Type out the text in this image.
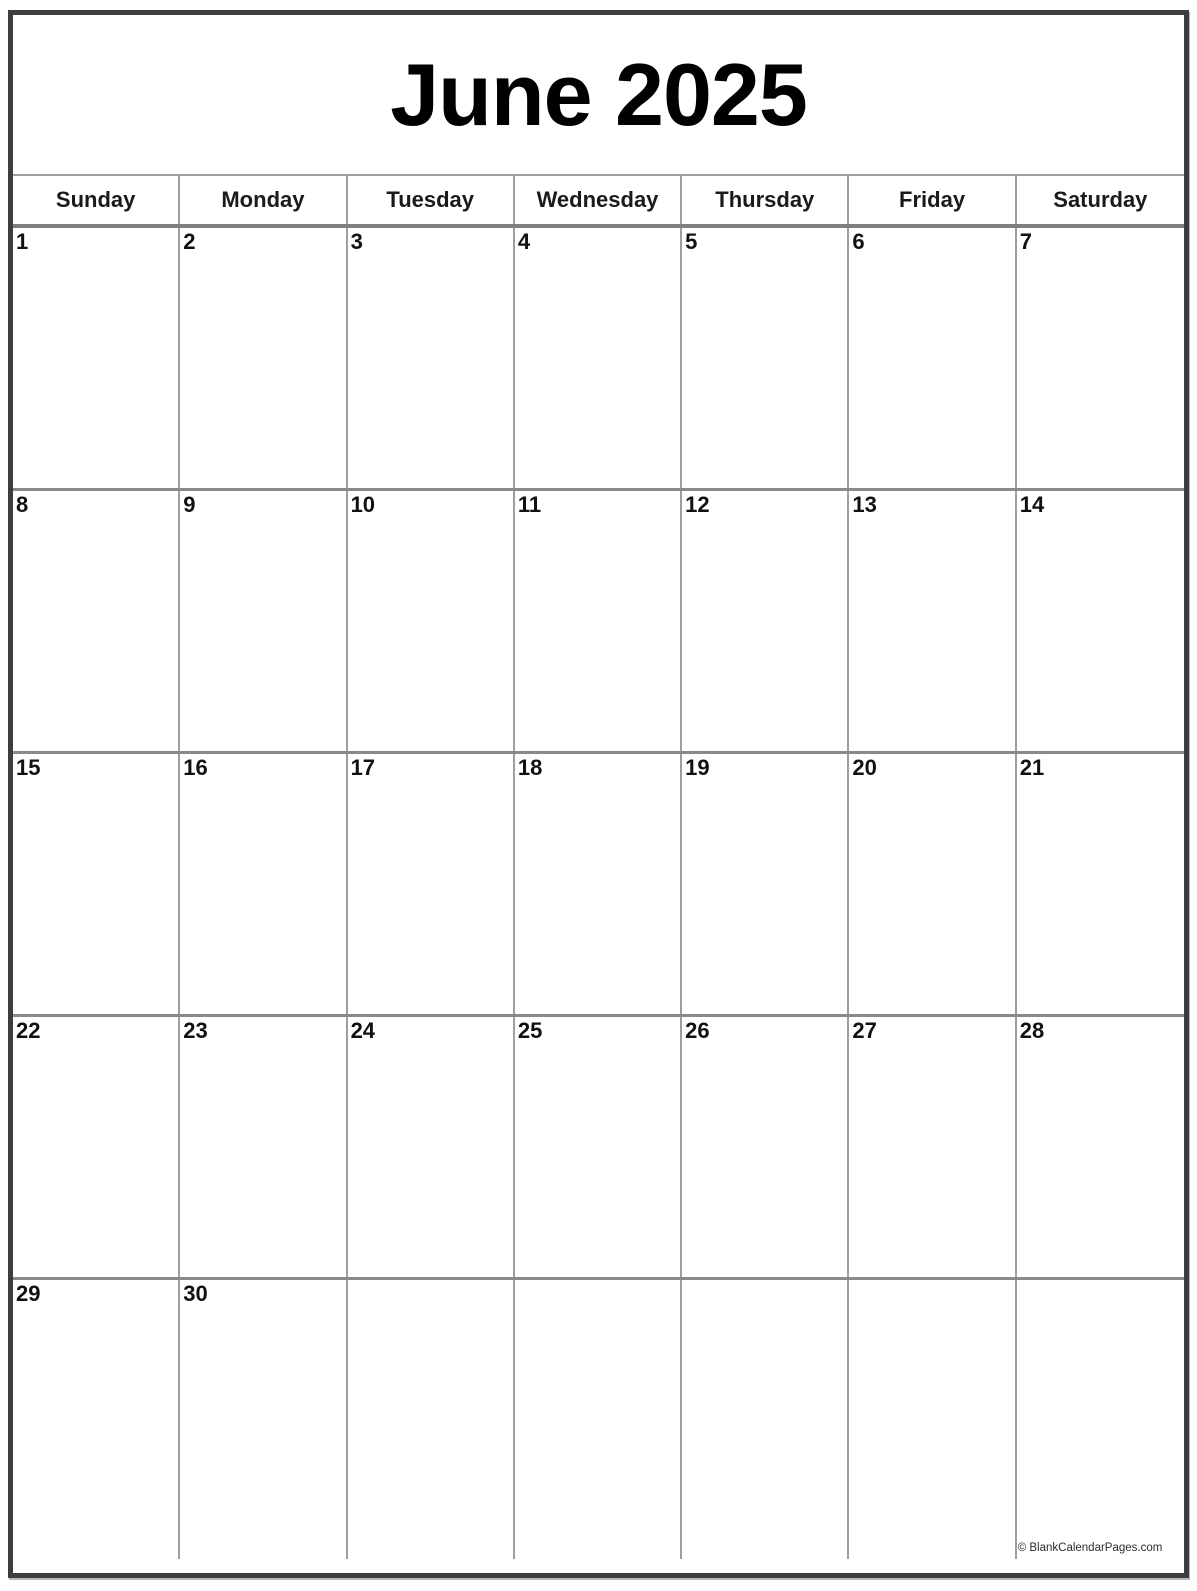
June 2025
Sunday	Monday	Tuesday	Wednesday	Thursday	Friday	Saturday
1	2	3	4	5	6	7
8	9	10	11	12	13	14
15	16	17	18	19	20	21
22	23	24	25	26	27	28
29	30
© BlankCalendarPages.com
